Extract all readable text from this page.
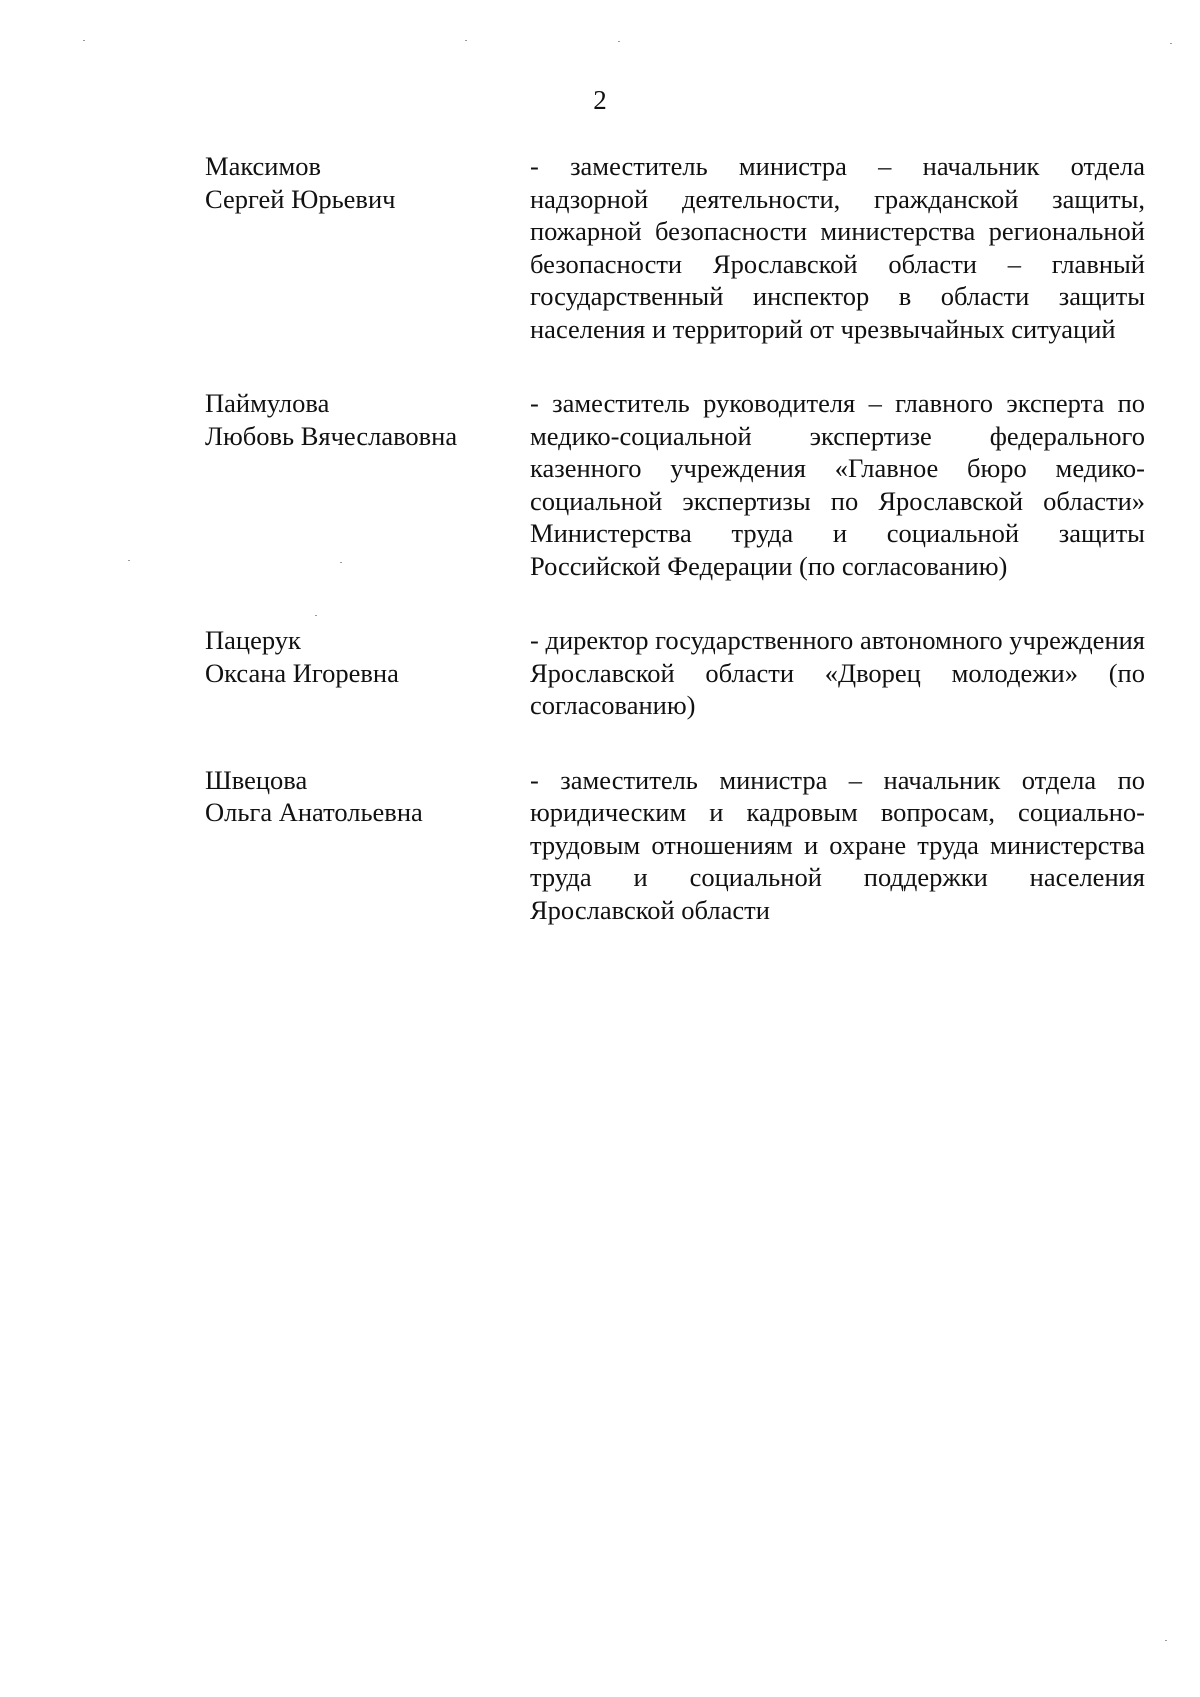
2
Максимов
Сергей Юрьевич
- заместитель министра – начальник отдела надзорной деятельности, гражданской защиты, пожарной безопасности министерства региональной безопасности Ярославской области – главный государственный инспектор в области защиты населения и территорий от чрезвычайных ситуаций
Паймулова
Любовь Вячеславовна
- заместитель руководителя – главного эксперта по медико-социальной экспертизе федерального казенного учреждения «Главное бюро медико-социальной экспертизы по Ярославской области» Министерства труда и социальной защиты Российской Федерации (по согласованию)
Пацерук
Оксана Игоревна
- директор государственного автономного учреждения Ярославской области «Дворец молодежи» (по согласованию)
Швецова
Ольга Анатольевна
- заместитель министра – начальник отдела по юридическим и кадровым вопросам, социально-трудовым отношениям и охране труда министерства труда и социальной поддержки населения Ярославской области
